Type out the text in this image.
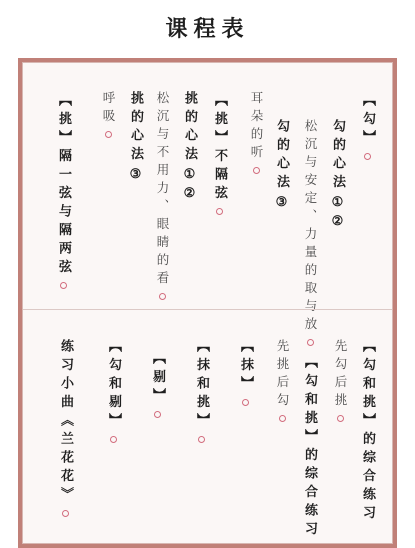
课程表
【勾】
勾的心法①②
松沉与安定、力量的取与放
勾的心法③
耳朵的听
【挑】不隔弦
挑的心法①②
松沉与不用力、眼睛的看
挑的心法③
呼吸
【挑】隔一弦与隔两弦
【勾和挑】的综合练习
先勾后挑
【勾和挑】的综合练习
先挑后勾
【抹】
【抹和挑】
【剔】
【勾和剔】
练习小曲《兰花花》
